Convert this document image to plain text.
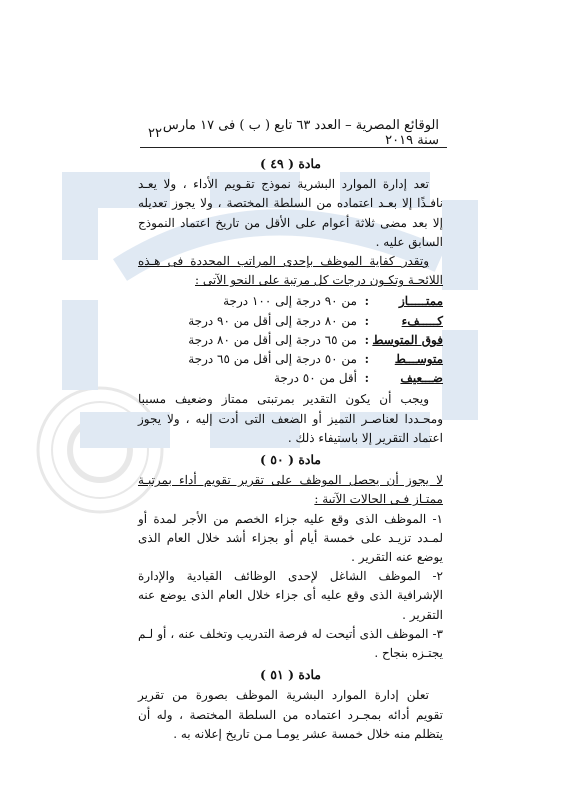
الوقائع المصرية – العدد ٦٣ تابع ( ب ) فى ١٧ مارس سنة ٢٠١٩
٢٢
مادة ( ٤٩ )

تعد إدارة الموارد البشرية نموذج تقـويم الأداء ، ولا يعـد نافـذًا إلا بعـد اعتماده من السلطة المختصة ، ولا يجوز تعديله إلا بعد مضى ثلاثة أعوام على الأقل من تاريخ اعتماد النموذج السابق عليه .

وتقدر كفاية الموظف بإحدى المراتب المحددة فى هـذه اللائحـة وتكـون درجات كل مرتبة على النحو الآتى :

ممتـــــاز
:
من ٩٠ درجة إلى ١٠٠ درجة
كـــــفء
:
من ٨٠ درجة إلى أقل من ٩٠ درجة
فوق المتوسط
:
من ٦٥ درجة إلى أقل من ٨٠ درجة
متوســـط
:
من ٥٠ درجة إلى أقل من ٦٥ درجة
ضـــعيف
:
أقل من ٥٠ درجة

ويجب أن يكون التقدير بمرتبتى ممتاز وضعيف مسببا ومحـددا لعناصـر التميز أو الضعف التى أدت إليه ، ولا يجوز اعتماد التقرير إلا باستيفاء ذلك .

مادة ( ٥٠ )

لا يجوز أن يحصل الموظف على تقرير تقويم أداء بمرتبـة ممتـاز فـى الحالات الآتية :

١- الموظف الذى وقع عليه جزاء الخصم من الأجر لمدة أو لمـدد تزيـد على خمسة أيام أو بجزاء أشد خلال العام الذى يوضع عنه التقرير .

٢- الموظف الشاغل لإحدى الوظائف القيادية والإدارة الإشرافية الذى وقع عليه أى جزاء خلال العام الذى يوضع عنه التقرير .

٣- الموظف الذى أتيحت له فرصة التدريب وتخلف عنه ، أو لـم يجتـزه بنجاح .

مادة ( ٥١ )

تعلن إدارة الموارد البشرية الموظف بصورة من تقرير تقويم أدائه بمجـرد اعتماده من السلطة المختصة ، وله أن يتظلم منه خلال خمسة عشر يومـا مـن تاريخ إعلانه به .
